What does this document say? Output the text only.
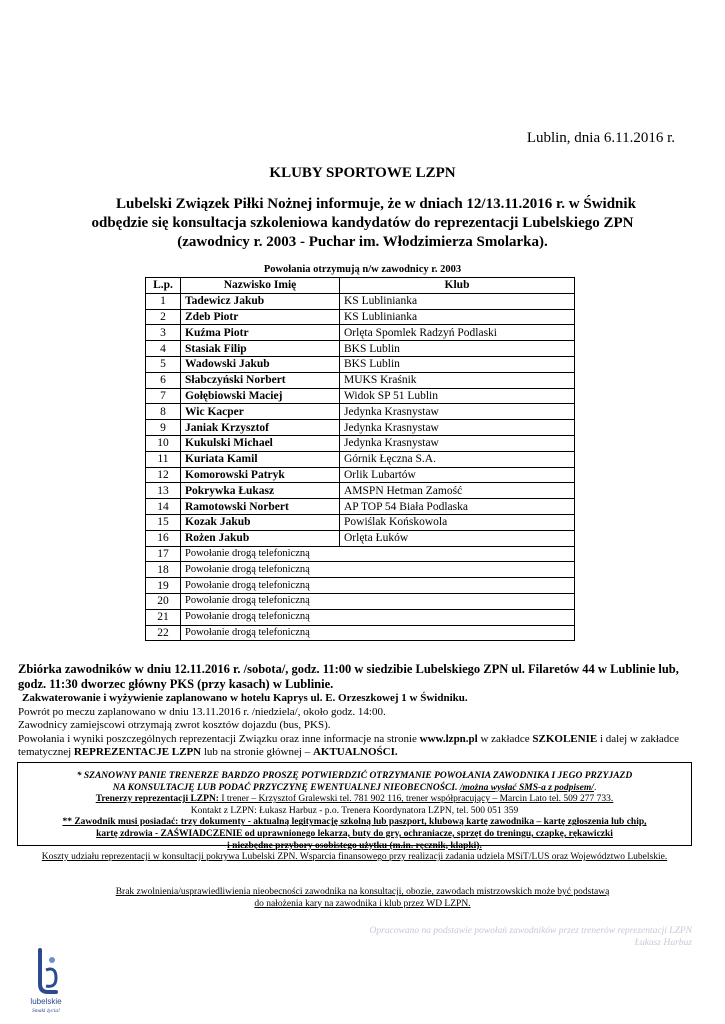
Lublin, dnia 6.11.2016 r.
KLUBY SPORTOWE LZPN
Lubelski Związek Piłki Nożnej informuje, że w dniach 12/13.11.2016 r. w Świdnik
odbędzie się konsultacja szkoleniowa kandydatów do reprezentacji Lubelskiego ZPN
(zawodnicy r. 2003 - Puchar im. Włodzimierza Smolarka).
Powołania otrzymują n/w zawodnicy r. 2003
L.p.	Nazwisko Imię	Klub
1	Tadewicz Jakub	KS Lublinianka
2	Zdeb Piotr	KS Lublinianka
3	Kuźma Piotr	Orlęta Spomlek Radzyń Podlaski
4	Stasiak Filip	BKS Lublin
5	Wadowski Jakub	BKS Lublin
6	Słabczyński Norbert	MUKS Kraśnik
7	Gołębiowski Maciej	Widok SP 51 Lublin
8	Wic Kacper	Jedynka Krasnystaw
9	Janiak Krzysztof	Jedynka Krasnystaw
10	Kukulski Michael	Jedynka Krasnystaw
11	Kuriata Kamil	Górnik Łęczna S.A.
12	Komorowski Patryk	Orlik Lubartów
13	Pokrywka Łukasz	AMSPN Hetman Zamość
14	Ramotowski Norbert	AP TOP 54 Biała Podlaska
15	Kozak Jakub	Powiślak Końskowola
16	Rożen Jakub	Orlęta Łuków
17	Powołanie drogą telefoniczną	
18	Powołanie drogą telefoniczną	
19	Powołanie drogą telefoniczną	
20	Powołanie drogą telefoniczną	
21	Powołanie drogą telefoniczną	
22	Powołanie drogą telefoniczną	
Zbiórka zawodników w dniu 12.11.2016 r. /sobota/, godz. 11:00 w siedzibie Lubelskiego ZPN ul. Filaretów 44 w Lublinie lub,
godz. 11:30 dworzec główny PKS (przy kasach) w Lublinie.
Zakwaterowanie i wyżywienie zaplanowano w hotelu Kaprys ul. E. Orzeszkowej 1 w Świdniku.
Powrót po meczu zaplanowano w dniu 13.11.2016 r. /niedziela/, około godz. 14:00.
Zawodnicy zamiejscowi otrzymają zwrot kosztów dojazdu (bus, PKS).
Powołania i wyniki poszczególnych reprezentacji Związku oraz inne informacje na stronie www.lzpn.pl w zakładce SZKOLENIE i dalej w zakładce
tematycznej REPREZENTACJE LZPN lub na stronie głównej – AKTUALNOŚCI.
* SZANOWNY PANIE TRENERZE BARDZO PROSZĘ POTWIERDZIĆ OTRZYMANIE POWOŁANIA ZAWODNIKA I JEGO PRZYJAZD
NA KONSULTACJĘ LUB PODAĆ PRZYCZYNĘ EWENTUALNEJ NIEOBECNOŚCI. /można wysłać SMS-a z podpisem/.
Trenerzy reprezentacji LZPN: I trener – Krzysztof Gralewski tel. 781 902 116, trener współpracujący – Marcin Lato tel. 509 277 733.
Kontakt z LZPN: Łukasz Harbuz - p.o. Trenera Koordynatora LZPN, tel. 500 051 359
** Zawodnik musi posiadać: trzy dokumenty - aktualną legitymację szkolną lub paszport, klubową kartę zawodnika – kartę zgłoszenia lub chip,
kartę zdrowia - ZAŚWIADCZENIE od uprawnionego lekarza, buty do gry, ochraniacze, sprzęt do treningu, czapkę, rękawiczki
i niezbędne przybory osobistego użytku (m.in. ręcznik, klapki).
Koszty udziału reprezentacji w konsultacji pokrywa Lubelski ZPN. Wsparcia finansowego przy realizacji zadania udziela MSiT/LUS oraz Województwo Lubelskie.
Brak zwolnienia/usprawiedliwienia nieobecności zawodnika na konsultacji, obozie, zawodach mistrzowskich może być podstawą
do nałożenia kary na zawodnika i klub przez WD LZPN.
Opracowano na podstawie powołań zawodników przez trenerów reprezentacji LZPN
Łukasz Harbuz
lubelskie
Smaki życia!
